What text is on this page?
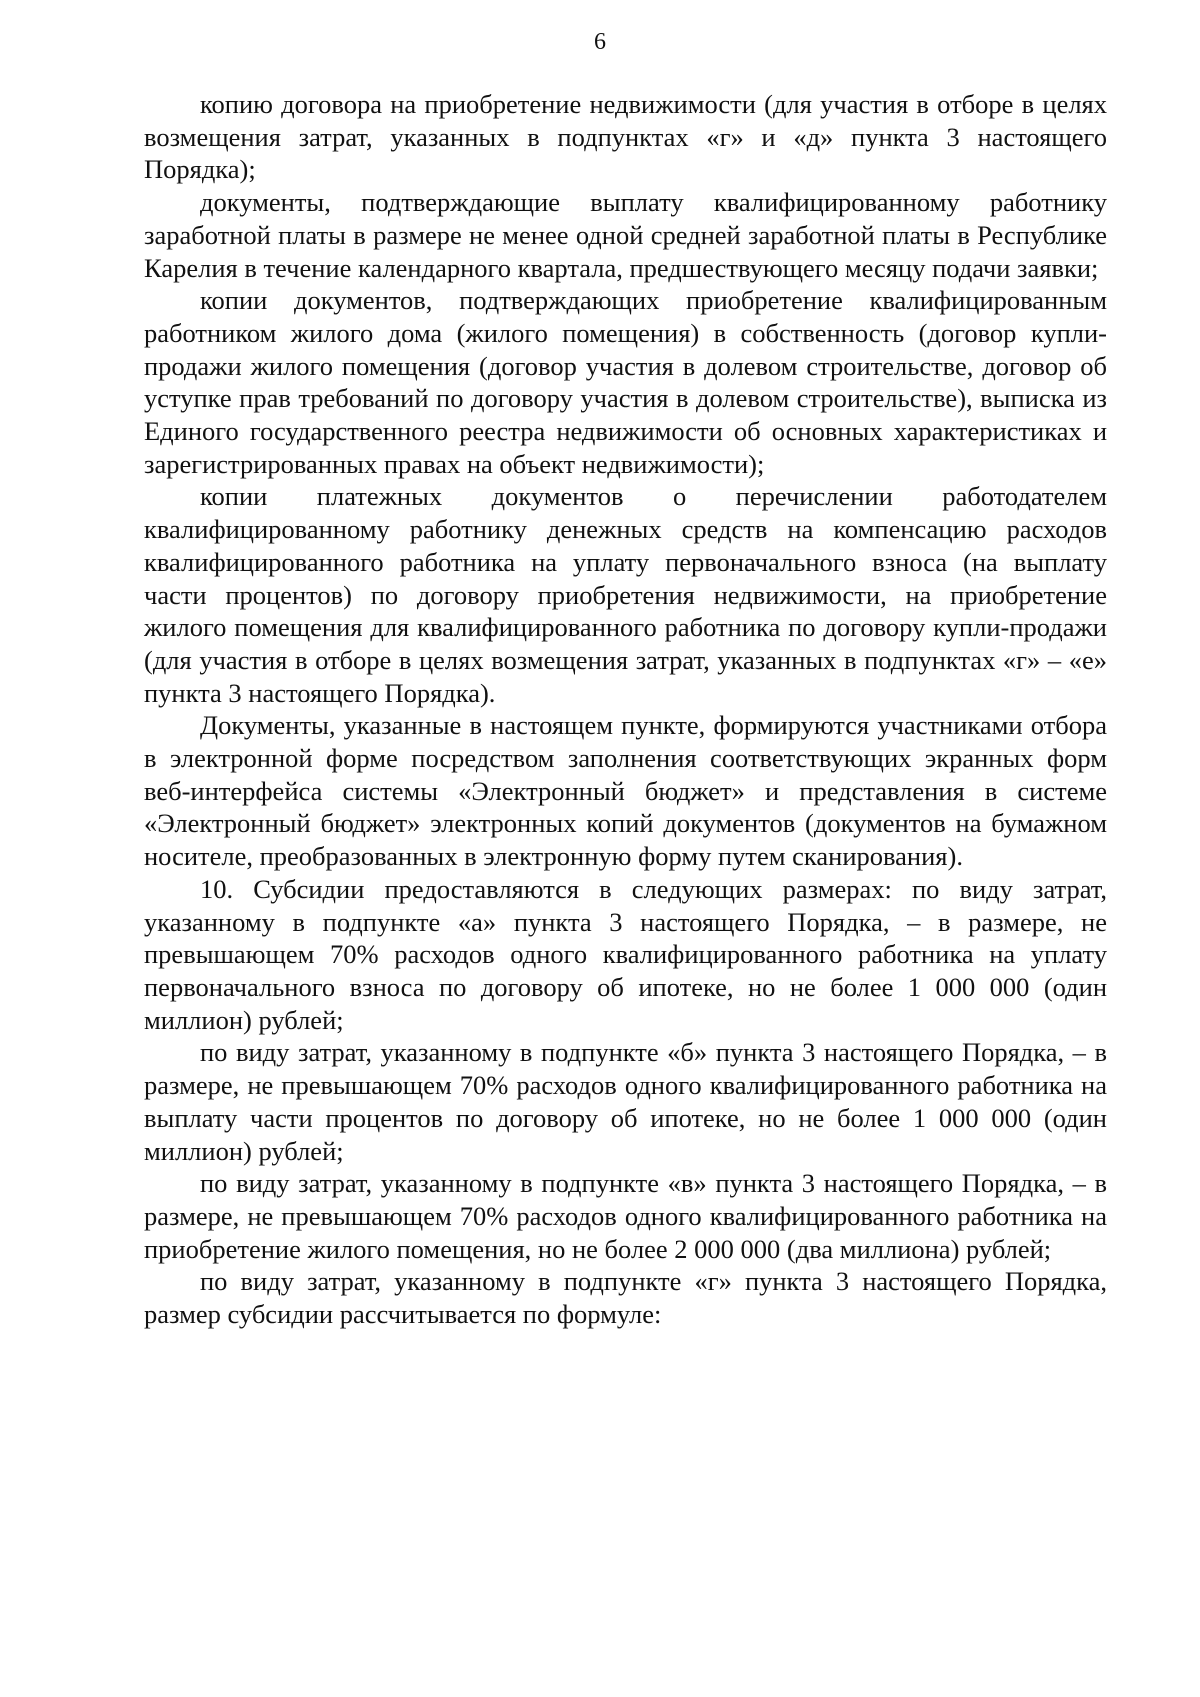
6

копию договора на приобретение недвижимости (для участия в отборе в целях возмещения затрат, указанных в подпунктах «г» и «д» пункта 3 настоящего Порядка);

документы, подтверждающие выплату квалифицированному работнику заработной платы в размере не менее одной средней заработной платы в Республике Карелия в течение календарного квартала, предшествующего месяцу подачи заявки;

копии документов, подтверждающих приобретение квалифицированным работником жилого дома (жилого помещения) в собственность (договор купли-продажи жилого помещения (договор участия в долевом строительстве, договор об уступке прав требований по договору участия в долевом строительстве), выписка из Единого государственного реестра недвижимости об основных характеристиках и зарегистрированных правах на объект недвижимости);

копии платежных документов о перечислении работодателем квалифицированному работнику денежных средств на компенсацию расходов квалифицированного работника на уплату первоначального взноса (на выплату части процентов) по договору приобретения недвижимости, на приобретение жилого помещения для квалифицированного работника по договору купли-продажи (для участия в отборе в целях возмещения затрат, указанных в подпунктах «г» – «е» пункта 3 настоящего Порядка).

Документы, указанные в настоящем пункте, формируются участниками отбора в электронной форме посредством заполнения соответствующих экранных форм веб-интерфейса системы «Электронный бюджет» и представления в системе «Электронный бюджет» электронных копий документов (документов на бумажном носителе, преобразованных в электронную форму путем сканирования).

10. Субсидии предоставляются в следующих размерах: по виду затрат, указанному в подпункте «а» пункта 3 настоящего Порядка, – в размере, не превышающем 70% расходов одного квалифицированного работника на уплату первоначального взноса по договору об ипотеке, но не более 1 000 000 (один миллион) рублей;

по виду затрат, указанному в подпункте «б» пункта 3 настоящего Порядка, – в размере, не превышающем 70% расходов одного квалифицированного работника на выплату части процентов по договору об ипотеке, но не более 1 000 000 (один миллион) рублей;

по виду затрат, указанному в подпункте «в» пункта 3 настоящего Порядка, – в размере, не превышающем 70% расходов одного квалифицированного работника на приобретение жилого помещения, но не более 2 000 000 (два миллиона) рублей;

по виду затрат, указанному в подпункте «г» пункта 3 настоящего Порядка, размер субсидии рассчитывается по формуле:
